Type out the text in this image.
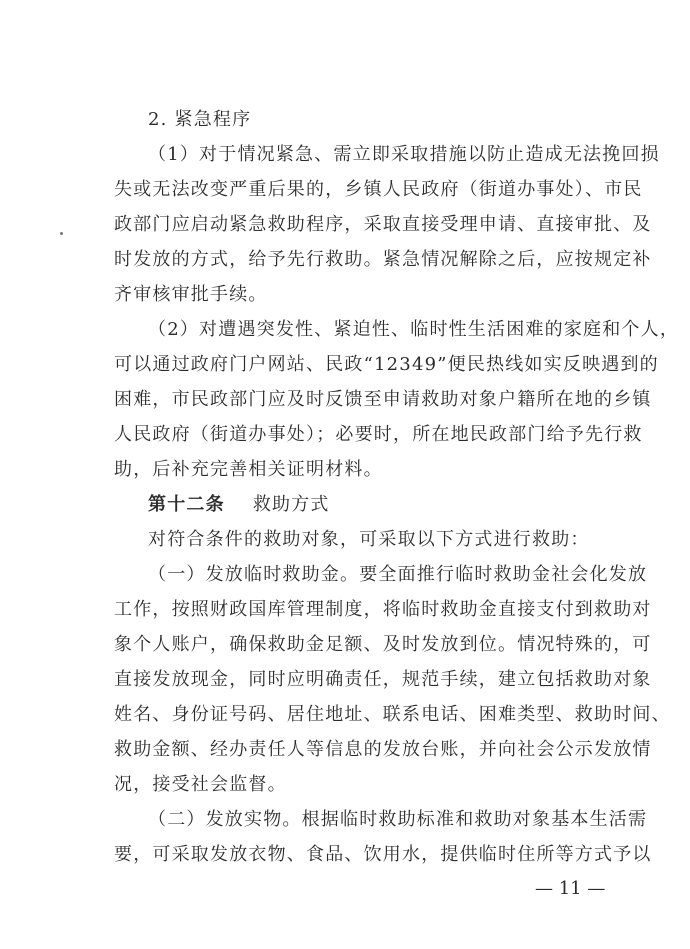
2. 紧急程序
（1）对于情况紧急、需立即采取措施以防止造成无法挽回损
失或无法改变严重后果的，乡镇人民政府（街道办事处）、市民
政部门应启动紧急救助程序，采取直接受理申请、直接审批、及
时发放的方式，给予先行救助。紧急情况解除之后，应按规定补
齐审核审批手续。
（2）对遭遇突发性、紧迫性、临时性生活困难的家庭和个人，
可以通过政府门户网站、民政“12349”便民热线如实反映遇到的
困难，市民政部门应及时反馈至申请救助对象户籍所在地的乡镇
人民政府（街道办事处）；必要时，所在地民政部门给予先行救
助，后补充完善相关证明材料。
第十二条 救助方式
对符合条件的救助对象，可采取以下方式进行救助：
（一）发放临时救助金。要全面推行临时救助金社会化发放
工作，按照财政国库管理制度，将临时救助金直接支付到救助对
象个人账户，确保救助金足额、及时发放到位。情况特殊的，可
直接发放现金，同时应明确责任，规范手续，建立包括救助对象
姓名、身份证号码、居住地址、联系电话、困难类型、救助时间、
救助金额、经办责任人等信息的发放台账，并向社会公示发放情
况，接受社会监督。
（二）发放实物。根据临时救助标准和救助对象基本生活需
要，可采取发放衣物、食品、饮用水，提供临时住所等方式予以
— 11 —
